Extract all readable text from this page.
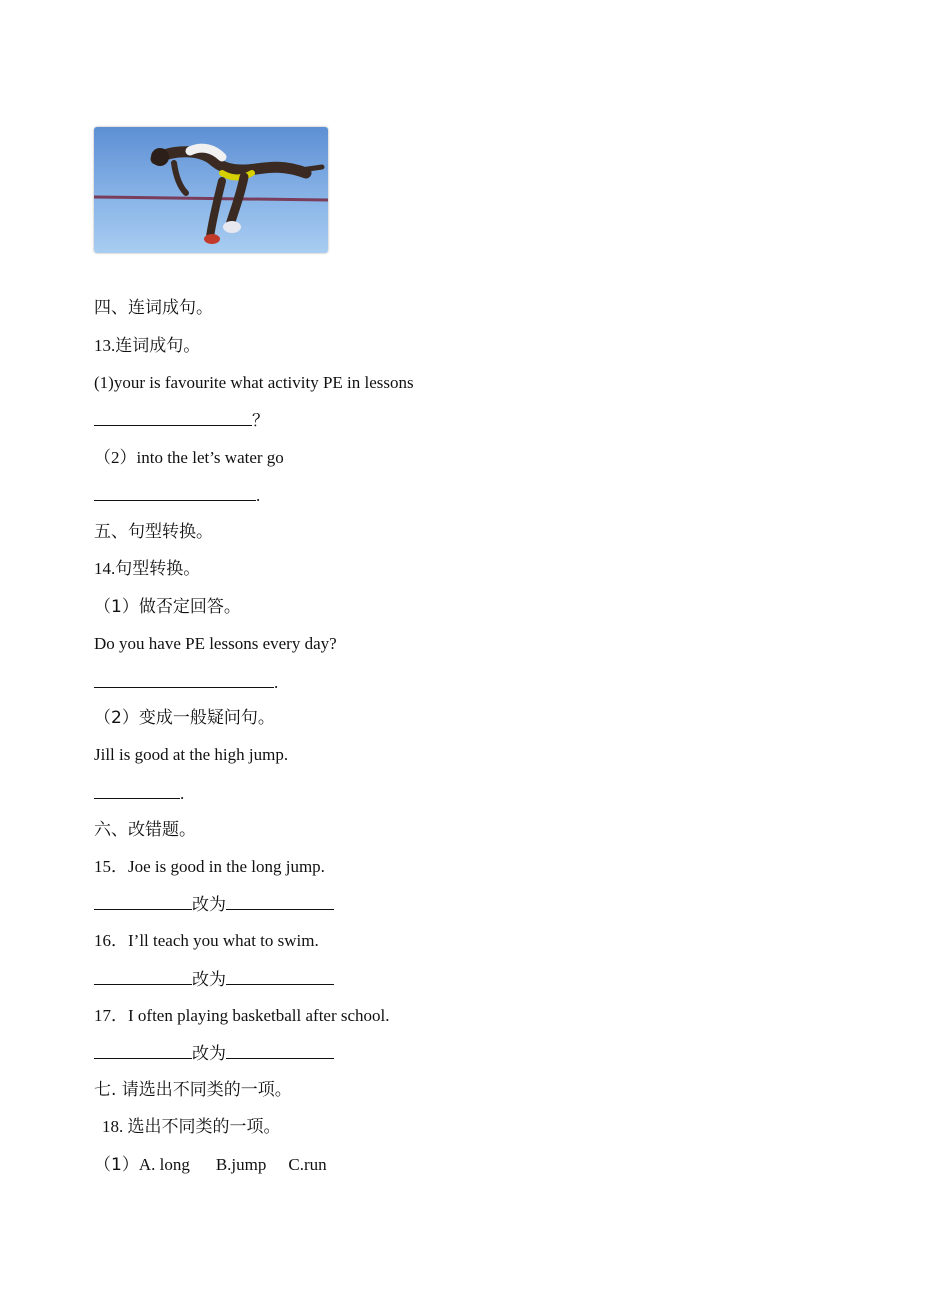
四、连词成句。
13.连词成句。
(1)your is favourite what activity PE in lessons
？
（2）into the let’s water go
.
五、句型转换。
14.句型转换。
（1）做否定回答。
Do you have PE lessons every day?
.
（2）变成一般疑问句。
Jill is good at the high jump.
.
六、改错题。
15．Joe is good in the long jump.
改为
16．I’ll teach you what to swim.
改为
17．I often playing basketball after school.
改为
七. 请选出不同类的一项。
18. 选出不同类的一项。
（1）A. long B.jump C.run
